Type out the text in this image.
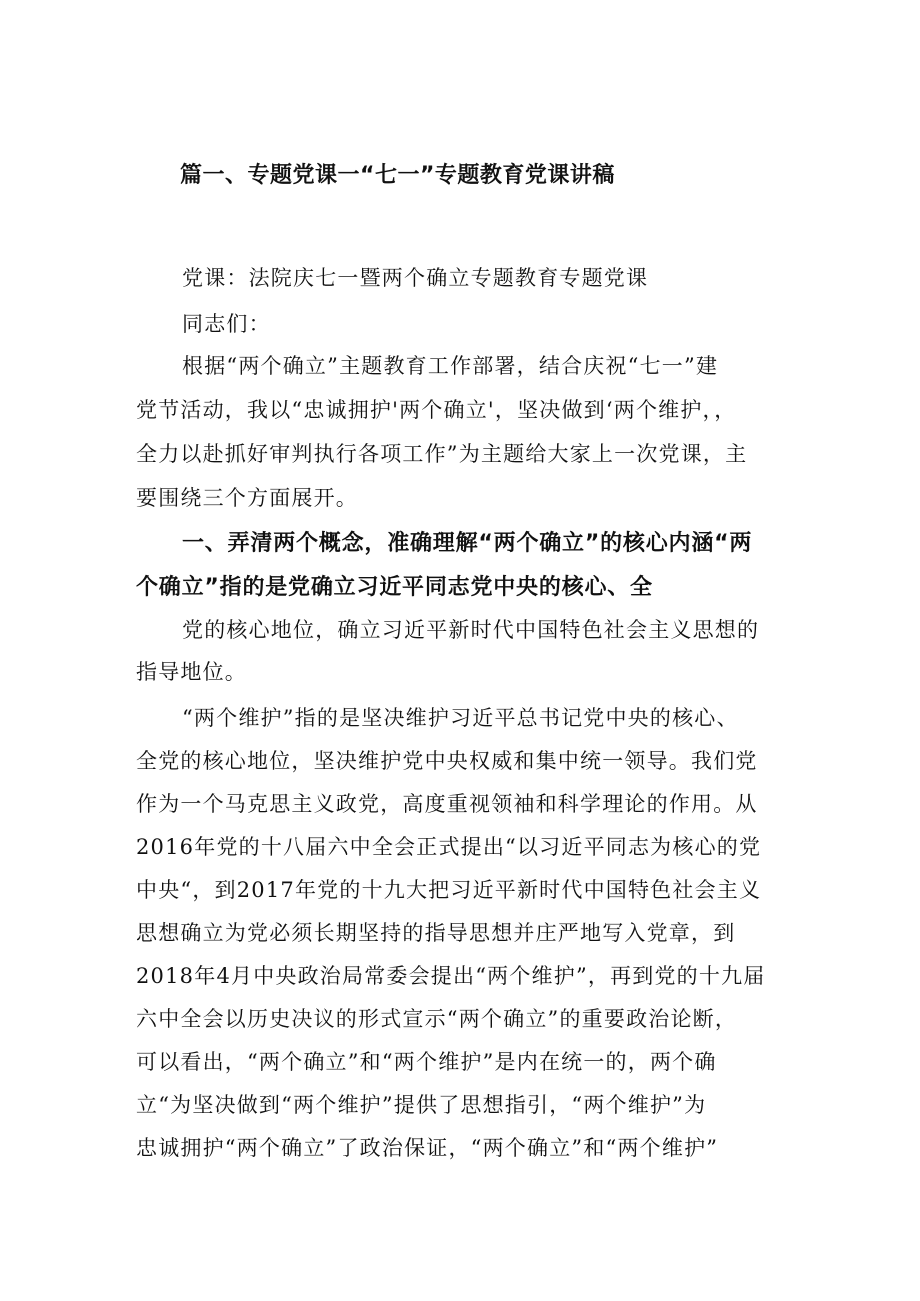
篇一、专题党课一“七一”专题教育党课讲稿
党课：法院庆七一暨两个确立专题教育专题党课
同志们：
根据“两个确立”主题教育工作部署，结合庆祝“七一”建
党节活动，我以“忠诚拥护'两个确立'，坚决做到‘两个维护，，
全力以赴抓好审判执行各项工作”为主题给大家上一次党课，主
要围绕三个方面展开。
一、弄清两个概念，准确理解“两个确立”的核心内涵“两
个确立”指的是党确立习近平同志党中央的核心、全
党的核心地位，确立习近平新时代中国特色社会主义思想的
指导地位。
“两个维护”指的是坚决维护习近平总书记党中央的核心、
全党的核心地位，坚决维护党中央权威和集中统一领导。我们党
作为一个马克思主义政党，高度重视领袖和科学理论的作用。从
2016年党的十八届六中全会正式提出“以习近平同志为核心的党
中央“，到2017年党的十九大把习近平新时代中国特色社会主义
思想确立为党必须长期坚持的指导思想并庄严地写入党章，到
2018年4月中央政治局常委会提出“两个维护”，再到党的十九届
六中全会以历史决议的形式宣示“两个确立”的重要政治论断，
可以看出，“两个确立”和“两个维护”是内在统一的，两个确
立“为坚决做到“两个维护”提供了思想指引，“两个维护”为
忠诚拥护“两个确立”了政治保证，“两个确立”和“两个维护”
